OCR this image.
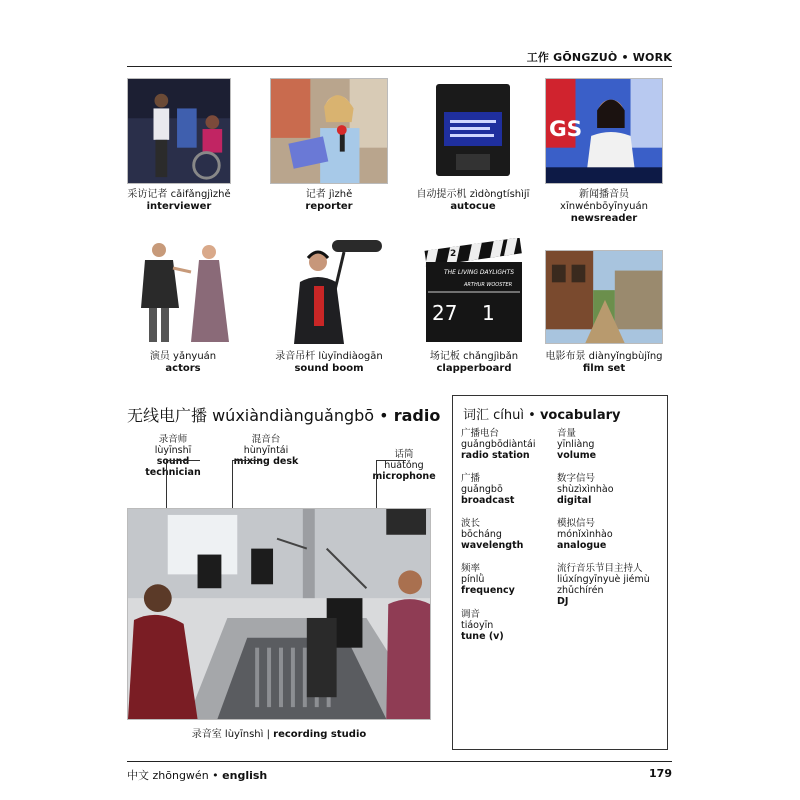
工作 GŌNGZUÒ • WORK
GS
采访记者 cǎifǎngjìzhě
interviewer
记者 jìzhě
reporter
自动提示机 zìdòngtíshìjī
autocue
新闻播音员
xīnwénbōyīnyuán
newsreader
2
THE LIVING DAYLIGHTS
ARTHUR WOOSTER
27 1
演员 yǎnyuán
actors
录音吊杆 lùyīndiàogān
sound boom
场记板 chǎngjìbǎn
clapperboard
电影布景 diànyǐngbùjǐng
film set
无线电广播 wúxiàndiànguǎngbō • radio
录音师
lùyīnshī
sound technician
混音台
hùnyīntái
mixing desk
话筒
huàtǒng
microphone
录音室 lùyīnshì | recording studio
词汇 cíhuì • vocabulary
广播电台
guǎngbōdiàntái
radio station
音量
yīnliàng
volume
广播
guǎngbō
broadcast
数字信号
shùzìxìnhào
digital
波长
bōcháng
wavelength
模拟信号
mónǐxìnhào
analogue
频率
pínlǜ
frequency
流行音乐节目主持人
liúxíngyīnyuè jiémù zhǔchírén
DJ
调音
tiáoyīn
tune (v)
中文 zhōngwén • english	179
